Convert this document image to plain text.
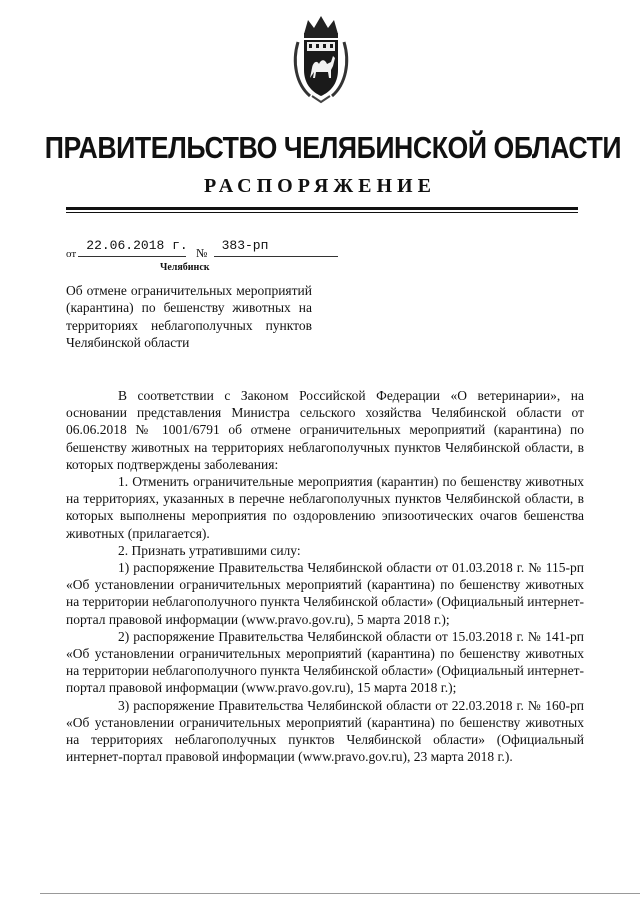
ПРАВИТЕЛЬСТВО ЧЕЛЯБИНСКОЙ ОБЛАСТИ
РАСПОРЯЖЕНИЕ
от
22.06.2018 г. №	383-рп
Челябинск
Об отмене ограничительных мероприятий (карантина) по бешенству животных на территориях неблагополучных пунктов Челябинской области

В соответствии с Законом Российской Федерации «О ветеринарии», на основании представления Министра сельского хозяйства Челябинской области от 06.06.2018 № 1001/6791 об отмене ограничительных мероприятий (карантина) по бешенству животных на территориях неблагополучных пунктов Челябинской области, в которых подтверждены заболевания:

1. Отменить ограничительные мероприятия (карантин) по бешенству животных на территориях, указанных в перечне неблагополучных пунктов Челябинской области, в которых выполнены мероприятия по оздоровлению эпизоотических очагов бешенства животных (прилагается).

2. Признать утратившими силу:

1) распоряжение Правительства Челябинской области от 01.03.2018 г. № 115-рп «Об установлении ограничительных мероприятий (карантина) по бешенству животных на территории неблагополучного пункта Челябинской области» (Официальный интернет-портал правовой информации (www.pravo.gov.ru), 5 марта 2018 г.);

2) распоряжение Правительства Челябинской области от 15.03.2018 г. № 141-рп «Об установлении ограничительных мероприятий (карантина) по бешенству животных на территории неблагополучного пункта Челябинской области» (Официальный интернет-портал правовой информации (www.pravo.gov.ru), 15 марта 2018 г.);

3) распоряжение Правительства Челябинской области от 22.03.2018 г. № 160-рп «Об установлении ограничительных мероприятий (карантина) по бешенству животных на территориях неблагополучных пунктов Челябинской области» (Официальный интернет-портал правовой информации (www.pravo.gov.ru), 23 марта 2018 г.).
